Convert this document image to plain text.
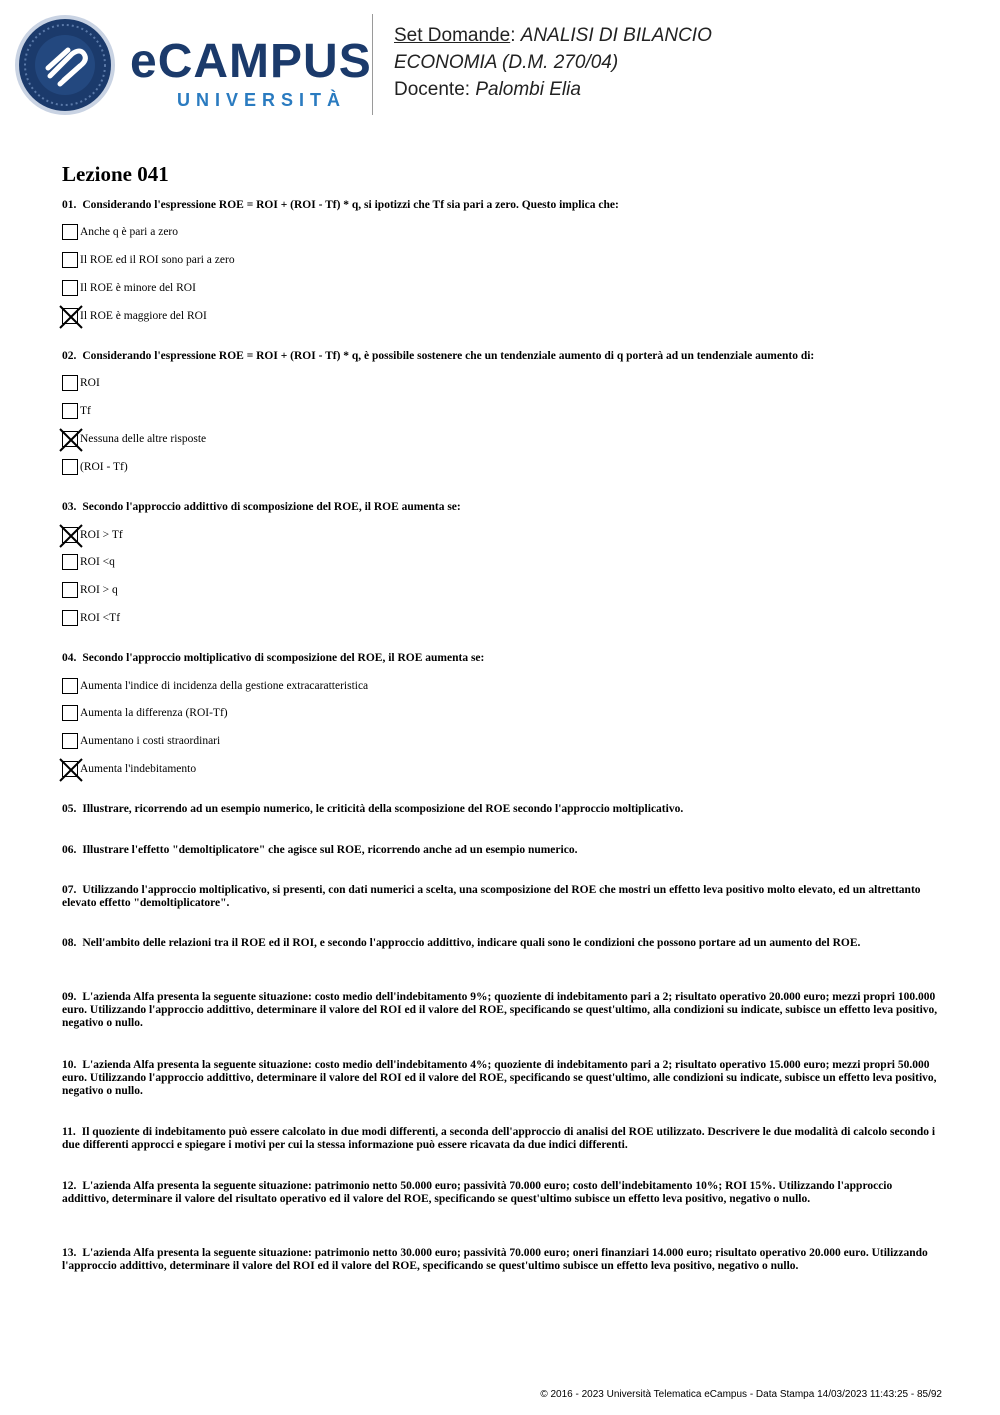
eCAMPUS
UNIVERSITÀ
Set Domande: ANALISI DI BILANCIO
ECONOMIA (D.M. 270/04)
Docente: Palombi Elia
Lezione 041
01. Considerando l'espressione ROE = ROI + (ROI - Tf) * q, si ipotizzi che Tf sia pari a zero. Questo implica che:
Anche q è pari a zero
Il ROE ed il ROI sono pari a zero
Il ROE è minore del ROI
Il ROE è maggiore del ROI
02. Considerando l'espressione ROE = ROI + (ROI - Tf) * q, è possibile sostenere che un tendenziale aumento di q porterà ad un tendenziale aumento di:
ROI
Tf
Nessuna delle altre risposte
(ROI - Tf)
03. Secondo l'approccio addittivo di scomposizione del ROE, il ROE aumenta se:
ROI > Tf
ROI <q
ROI > q
ROI <Tf
04. Secondo l'approccio moltiplicativo di scomposizione del ROE, il ROE aumenta se:
Aumenta l'indice di incidenza della gestione extracaratteristica
Aumenta la differenza (ROI-Tf)
Aumentano i costi straordinari
Aumenta l'indebitamento
05. Illustrare, ricorrendo ad un esempio numerico, le criticità della scomposizione del ROE secondo l'approccio moltiplicativo.
06. Illustrare l'effetto "demoltiplicatore" che agisce sul ROE, ricorrendo anche ad un esempio numerico.
07. Utilizzando l'approccio moltiplicativo, si presenti, con dati numerici a scelta, una scomposizione del ROE che mostri un effetto leva positivo molto elevato, ed un altrettanto elevato effetto "demoltiplicatore".
08. Nell'ambito delle relazioni tra il ROE ed il ROI, e secondo l'approccio addittivo, indicare quali sono le condizioni che possono portare ad un aumento del ROE.
09. L'azienda Alfa presenta la seguente situazione: costo medio dell'indebitamento 9%; quoziente di indebitamento pari a 2; risultato operativo 20.000 euro; mezzi propri 100.000 euro. Utilizzando l'approccio addittivo, determinare il valore del ROI ed il valore del ROE, specificando se quest'ultimo, alla condizioni su indicate, subisce un effetto leva positivo, negativo o nullo.
10. L'azienda Alfa presenta la seguente situazione: costo medio dell'indebitamento 4%; quoziente di indebitamento pari a 2; risultato operativo 15.000 euro; mezzi propri 50.000 euro. Utilizzando l'approccio addittivo, determinare il valore del ROI ed il valore del ROE, specificando se quest'ultimo, alle condizioni su indicate, subisce un effetto leva positivo, negativo o nullo.
11. Il quoziente di indebitamento può essere calcolato in due modi differenti, a seconda dell'approccio di analisi del ROE utilizzato. Descrivere le due modalità di calcolo secondo i due differenti approcci e spiegare i motivi per cui la stessa informazione può essere ricavata da due indici differenti.
12. L'azienda Alfa presenta la seguente situazione: patrimonio netto 50.000 euro; passività 70.000 euro; costo dell'indebitamento 10%; ROI 15%. Utilizzando l'approccio addittivo, determinare il valore del risultato operativo ed il valore del ROE, specificando se quest'ultimo subisce un effetto leva positivo, negativo o nullo.
13. L'azienda Alfa presenta la seguente situazione: patrimonio netto 30.000 euro; passività 70.000 euro; oneri finanziari 14.000 euro; risultato operativo 20.000 euro. Utilizzando l'approccio addittivo, determinare il valore del ROI ed il valore del ROE, specificando se quest'ultimo subisce un effetto leva positivo, negativo o nullo.
© 2016 - 2023 Università Telematica eCampus - Data Stampa 14/03/2023 11:43:25 - 85/92
